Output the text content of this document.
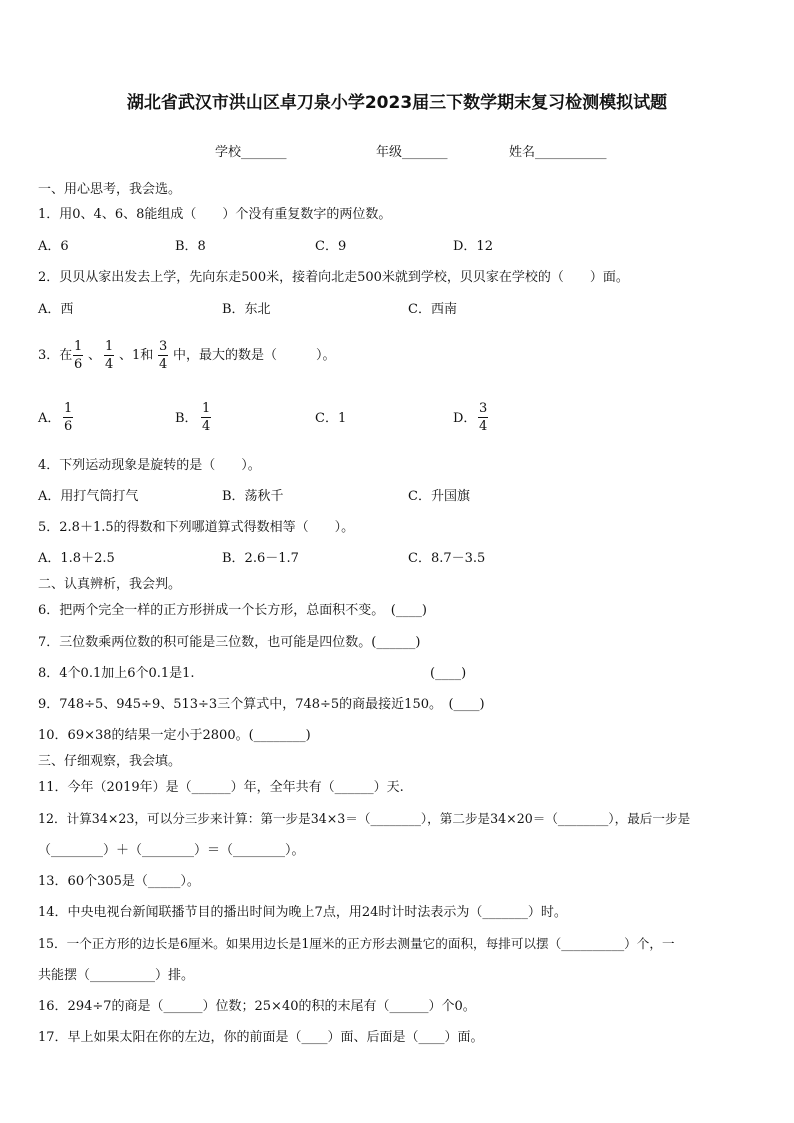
湖北省武汉市洪山区卓刀泉小学2023届三下数学期末复习检测模拟试题
学校_______	年级_______	姓名___________
一、用心思考，我会选。
1．用0、4、6、8能组成（　　）个没有重复数字的两位数。
A．6	B．8	C．9	D．12
2．贝贝从家出发去上学，先向东走500米，接着向北走500米就到学校，贝贝家在学校的（　　）面。
A．西	B．东北	C．西南
3．在
1
6
、
1
4
、1和
3
4
中，最大的数是（　　　）。
A．
1
6
B．
1
4
C．1	D．
3
4
4．下列运动现象是旋转的是（　　）。
A．用打气筒打气	B．荡秋千	C．升国旗
5．2.8＋1.5的得数和下列哪道算式得数相等（　　）。
A．1.8＋2.5	B．2.6－1.7	C．8.7－3.5
二、认真辨析，我会判。
6．把两个完全一样的正方形拼成一个长方形，总面积不变。　(____)
7．三位数乘两位数的积可能是三位数，也可能是四位数。(______)
8．4个0.1加上6个0.1是1.	(____)
9．748÷5、945÷9、513÷3三个算式中，748÷5的商最接近150。　(____)
10．69×38的结果一定小于2800。(________)
三、仔细观察，我会填。
11．今年（2019年）是（______）年，全年共有（______）天.
12．计算34×23，可以分三步来计算：第一步是34×3＝（________），第二步是34×20＝（________），最后一步是
（________）＋（________）＝（________）。
13．60个305是（_____）。
14．中央电视台新闻联播节目的播出时间为晚上7点，用24时计时法表示为（_______）时。
15．一个正方形的边长是6厘米。如果用边长是1厘米的正方形去测量它的面积，每排可以摆（__________）个，一
共能摆（__________）排。
16．294÷7的商是（______）位数；25×40的积的末尾有（______）个0。
17．早上如果太阳在你的左边，你的前面是（____）面、后面是（____）面。
